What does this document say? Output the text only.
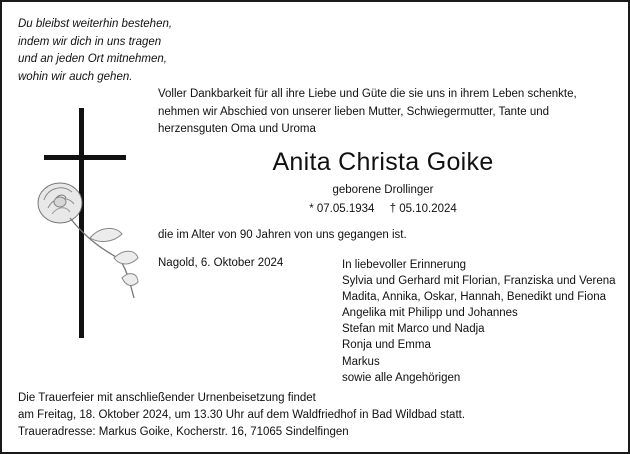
Du bleibst weiterhin bestehen,
indem wir dich in uns tragen
und an jeden Ort mitnehmen,
wohin wir auch gehen.
Voller Dankbarkeit für all ihre Liebe und Güte die sie uns in ihrem Leben schenkte,
nehmen wir Abschied von unserer lieben Mutter, Schwiegermutter, Tante und
herzensguten Oma und Uroma
Anita Christa Goike
geborene Drollinger
* 07.05.1934 † 05.10.2024
die im Alter von 90 Jahren von uns gegangen ist.
Nagold, 6. Oktober 2024	In liebevoller Erinnerung
Sylvia und Gerhard mit Florian, Franziska und Verena
Madita, Annika, Oskar, Hannah, Benedikt und Fiona
Angelika mit Philipp und Johannes
Stefan mit Marco und Nadja
Ronja und Emma
Markus
sowie alle Angehörigen
Die Trauerfeier mit anschließender Urnenbeisetzung findet
am Freitag, 18. Oktober 2024, um 13.30 Uhr auf dem Waldfriedhof in Bad Wildbad statt.
Traueradresse: Markus Goike, Kocherstr. 16, 71065 Sindelfingen
